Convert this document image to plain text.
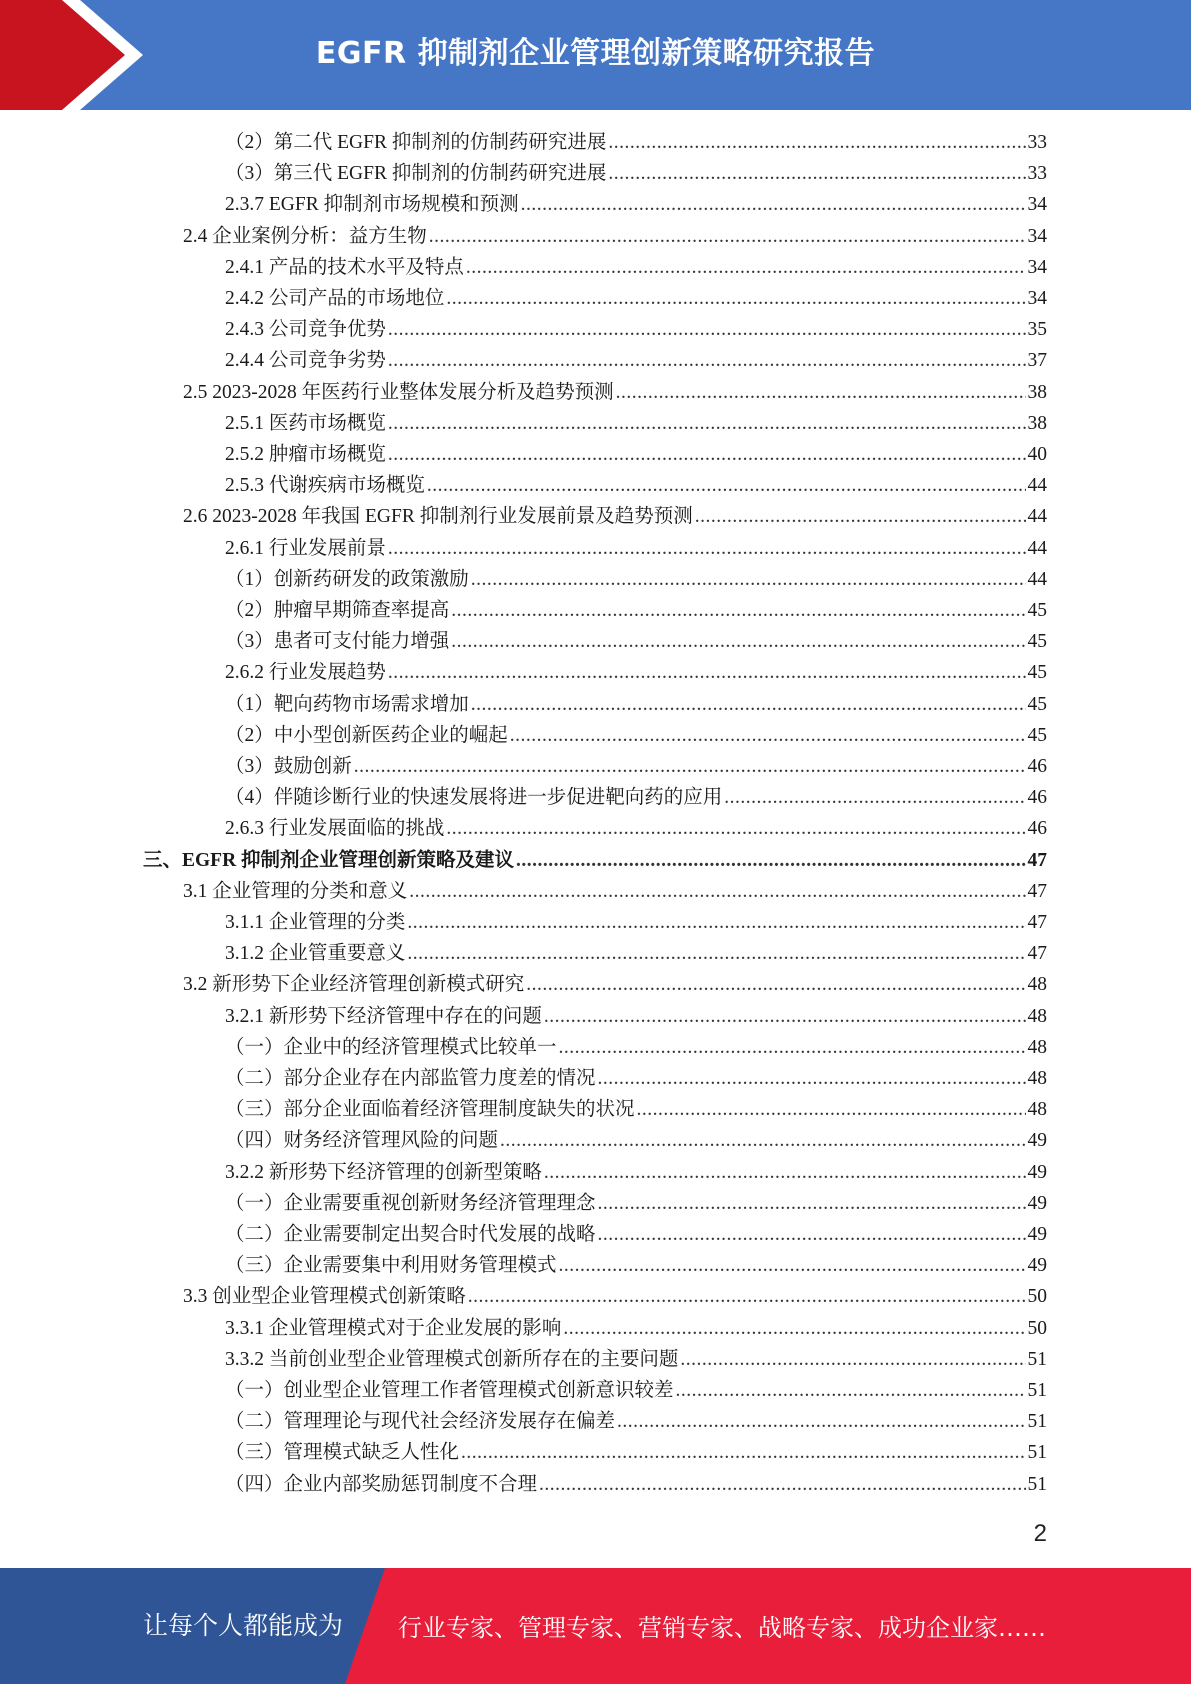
EGFR 抑制剂企业管理创新策略研究报告
（2）第二代 EGFR 抑制剂的仿制药研究进展 .....	33
（3）第三代 EGFR 抑制剂的仿制药研究进展 .....	33
2.3.7 EGFR 抑制剂市场规模和预测 .....	34
2.4 企业案例分析：益方生物 .....	34
2.4.1 产品的技术水平及特点 .....	34
2.4.2 公司产品的市场地位 .....	34
2.4.3 公司竞争优势 .....	35
2.4.4 公司竞争劣势 .....	37
2.5 2023-2028 年医药行业整体发展分析及趋势预测 .....	38
2.5.1 医药市场概览 .....	38
2.5.2 肿瘤市场概览 .....	40
2.5.3 代谢疾病市场概览 .....	44
2.6 2023-2028 年我国 EGFR 抑制剂行业发展前景及趋势预测 .....	44
2.6.1 行业发展前景 .....	44
（1）创新药研发的政策激励 .....	44
（2）肿瘤早期筛查率提高 .....	45
（3）患者可支付能力增强 .....	45
2.6.2 行业发展趋势 .....	45
（1）靶向药物市场需求增加 .....	45
（2）中小型创新医药企业的崛起 .....	45
（3）鼓励创新 .....	46
（4）伴随诊断行业的快速发展将进一步促进靶向药的应用 .....	46
2.6.3 行业发展面临的挑战 .....	46
三、EGFR 抑制剂企业管理创新策略及建议 .....	47
3.1 企业管理的分类和意义 .....	47
3.1.1 企业管理的分类 .....	47
3.1.2 企业管重要意义 .....	47
3.2 新形势下企业经济管理创新模式研究 .....	48
3.2.1 新形势下经济管理中存在的问题 .....	48
（一）企业中的经济管理模式比较单一 .....	48
（二）部分企业存在内部监管力度差的情况 .....	48
（三）部分企业面临着经济管理制度缺失的状况 .....	48
（四）财务经济管理风险的问题 .....	49
3.2.2 新形势下经济管理的创新型策略 .....	49
（一）企业需要重视创新财务经济管理理念 .....	49
（二）企业需要制定出契合时代发展的战略 .....	49
（三）企业需要集中利用财务管理模式 .....	49
3.3 创业型企业管理模式创新策略 .....	50
3.3.1 企业管理模式对于企业发展的影响 .....	50
3.3.2 当前创业型企业管理模式创新所存在的主要问题 .....	51
（一）创业型企业管理工作者管理模式创新意识较差 .....	51
（二）管理理论与现代社会经济发展存在偏差 .....	51
（三）管理模式缺乏人性化 .....	51
（四）企业内部奖励惩罚制度不合理 .....	51
2
让每个人都能成为 行业专家、管理专家、营销专家、战略专家、成功企业家……
